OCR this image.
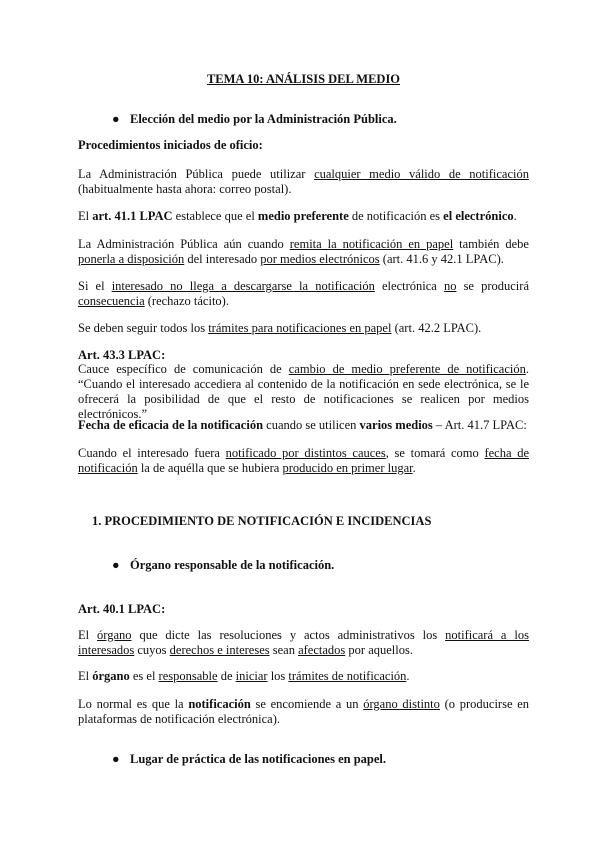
TEMA 10: ANÁLISIS DEL MEDIO
● Elección del medio por la Administración Pública.
Procedimientos iniciados de oficio:

La Administración Pública puede utilizar cualquier medio válido de notificación (habitualmente hasta ahora: correo postal).

El art. 41.1 LPAC establece que el medio preferente de notificación es el electrónico.

La Administración Pública aún cuando remita la notificación en papel también debe ponerla a disposición del interesado por medios electrónicos (art. 41.6 y 42.1 LPAC).

Si el interesado no llega a descargarse la notificación electrónica no se producirá consecuencia (rechazo tácito).

Se deben seguir todos los trámites para notificaciones en papel (art. 42.2 LPAC).

Art. 43.3 LPAC:

Cauce específico de comunicación de cambio de medio preferente de notificación. “Cuando el interesado accediera al contenido de la notificación en sede electrónica, se le ofrecerá la posibilidad de que el resto de notificaciones se realicen por medios electrónicos.”

Fecha de eficacia de la notificación cuando se utilicen varios medios – Art. 41.7 LPAC:

Cuando el interesado fuera notificado por distintos cauces, se tomará como fecha de notificación la de aquélla que se hubiera producido en primer lugar.

1. PROCEDIMIENTO DE NOTIFICACIÓN E INCIDENCIAS
● Órgano responsable de la notificación.
Art. 40.1 LPAC:

El órgano que dicte las resoluciones y actos administrativos los notificará a los interesados cuyos derechos e intereses sean afectados por aquellos.

El órgano es el responsable de iniciar los trámites de notificación.

Lo normal es que la notificación se encomiende a un órgano distinto (o producirse en plataformas de notificación electrónica).

● Lugar de práctica de las notificaciones en papel.
